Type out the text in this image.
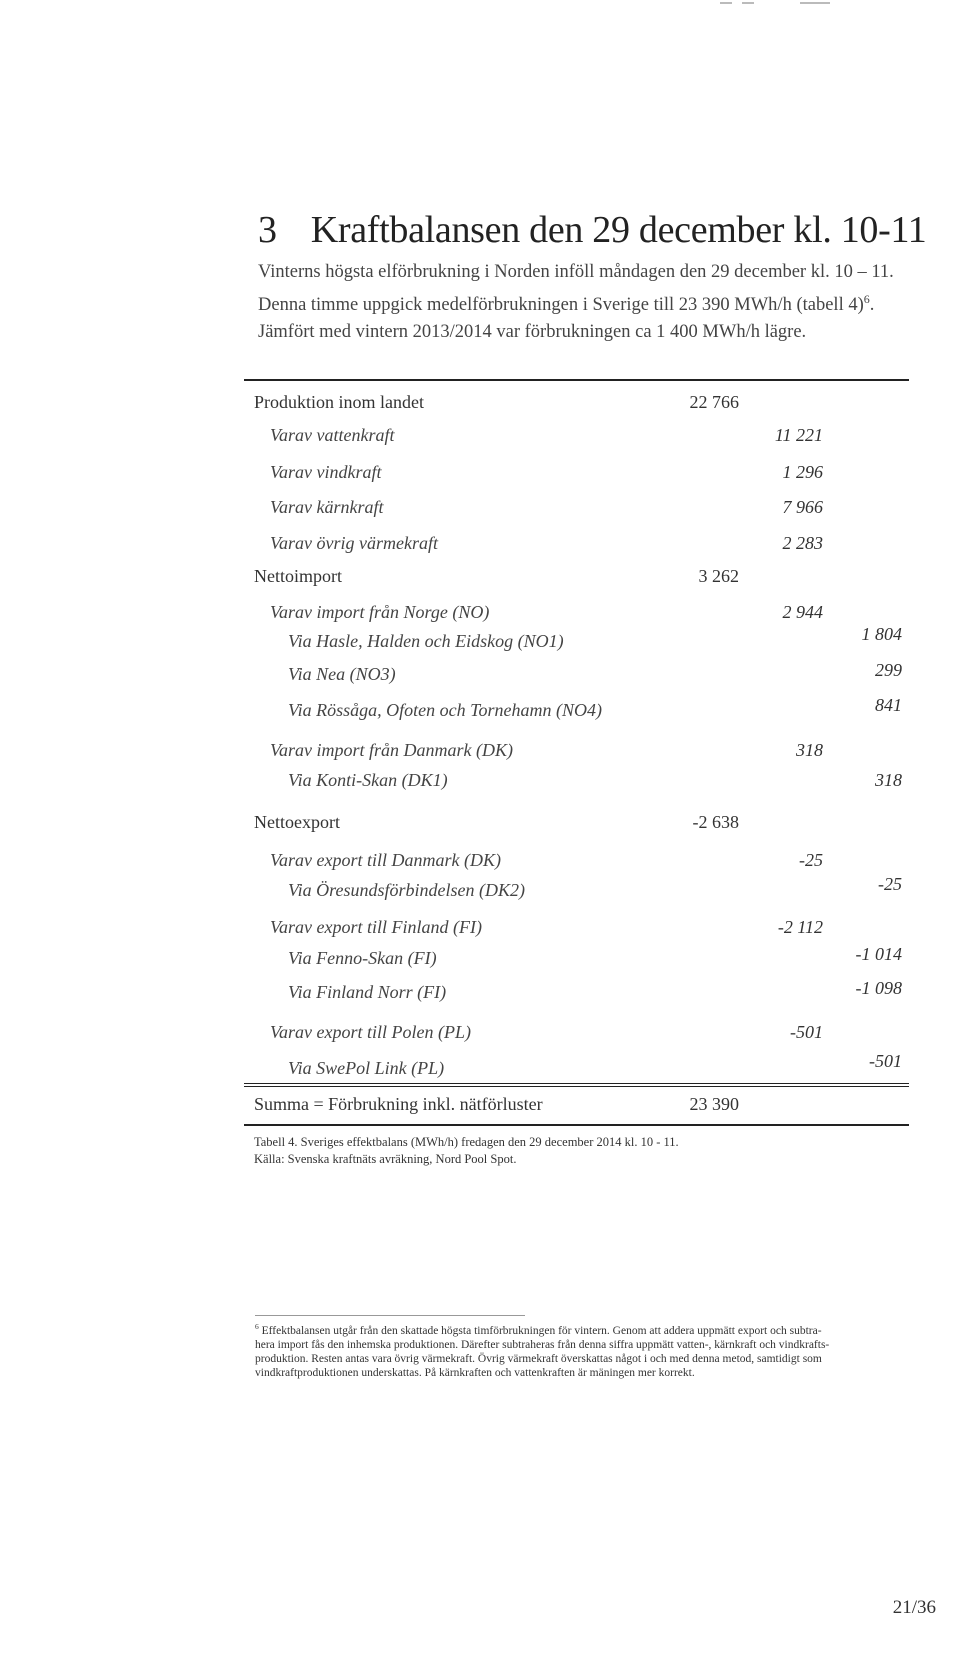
3 Kraftbalansen den 29 december kl. 10-11
Vinterns högsta elförbrukning i Norden inföll måndagen den 29 december kl. 10 – 11.
Denna timme uppgick medelförbrukningen i Sverige till 23 390 MWh/h (tabell 4)$^6$.
Jämfört med vintern 2013/2014 var förbrukningen ca 1 400 MWh/h lägre.
Produktion inom landet	22 766
Varav vattenkraft	11 221
Varav vindkraft	1 296
Varav kärnkraft	7 966
Varav övrig värmekraft	2 283
Nettoimport	3 262
Varav import från Norge (NO)	2 944
Via Hasle, Halden och Eidskog (NO1)	1 804
Via Nea (NO3)	299
Via Rössåga, Ofoten och Tornehamn (NO4)	841
Varav import från Danmark (DK)	318
Via Konti-Skan (DK1)	318
Nettoexport	-2 638
Varav export till Danmark (DK)	-25
Via Öresundsförbindelsen (DK2)	-25
Varav export till Finland (FI)	-2 112
Via Fenno-Skan (FI)	-1 014
Via Finland Norr (FI)	-1 098
Varav export till Polen (PL)	-501
Via SwePol Link (PL)	-501
Summa = Förbrukning inkl. nätförluster	23 390
Tabell 4. Sveriges effektbalans (MWh/h) fredagen den 29 december 2014 kl. 10 - 11.
Källa: Svenska kraftnäts avräkning, Nord Pool Spot.
$^6$ Effektbalansen utgår från den skattade högsta timförbrukningen för vintern. Genom att addera uppmätt export och subtra-
hera import fås den inhemska produktionen. Därefter subtraheras från denna siffra uppmätt vatten-, kärnkraft och vindkrafts-
produktion. Resten antas vara övrig värmekraft. Övrig värmekraft överskattas något i och med denna metod, samtidigt som
vindkraftproduktionen underskattas. På kärnkraften och vattenkraften är mäningen mer korrekt.
21/36
